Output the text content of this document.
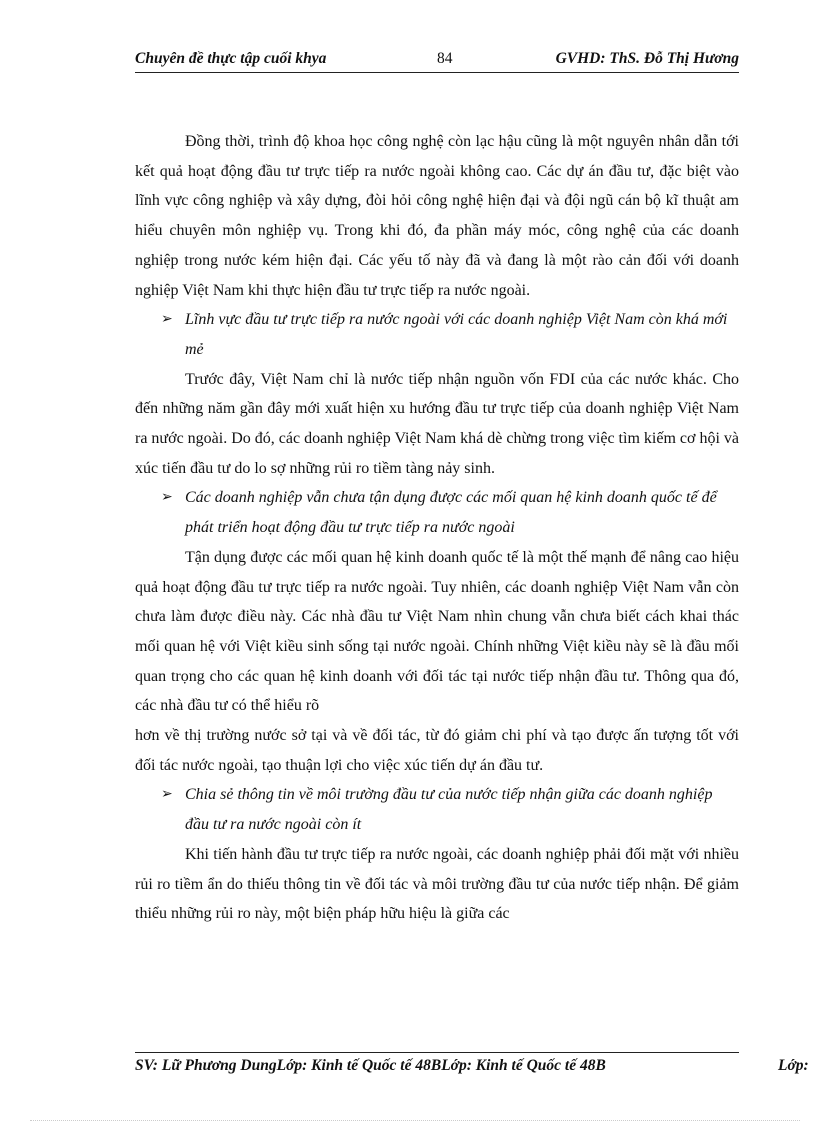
Chuyên đề thực tập cuối khya	84	GVHD: ThS. Đỗ Thị Hương

Đồng thời, trình độ khoa học công nghệ còn lạc hậu cũng là một nguyên nhân dẫn tới kết quả hoạt động đầu tư trực tiếp ra nước ngoài không cao. Các dự án đầu tư, đặc biệt vào lĩnh vực công nghiệp và xây dựng, đòi hỏi công nghệ hiện đại và đội ngũ cán bộ kĩ thuật am hiểu chuyên môn nghiệp vụ. Trong khi đó, đa phần máy móc, công nghệ của các doanh nghiệp trong nước kém hiện đại. Các yếu tố này đã và đang là một rào cản đối với doanh nghiệp Việt Nam khi thực hiện đầu tư trực tiếp ra nước ngoài.

➢ Lĩnh vực đầu tư trực tiếp ra nước ngoài với các doanh nghiệp Việt Nam còn khá mới mẻ

Trước đây, Việt Nam chỉ là nước tiếp nhận nguồn vốn FDI của các nước khác. Cho đến những năm gần đây mới xuất hiện xu hướng đầu tư trực tiếp của doanh nghiệp Việt Nam ra nước ngoài. Do đó, các doanh nghiệp Việt Nam khá dè chừng trong việc tìm kiếm cơ hội và xúc tiến đầu tư do lo sợ những rủi ro tiềm tàng nảy sinh.

➢ Các doanh nghiệp vẫn chưa tận dụng được các mối quan hệ kinh doanh quốc tế để phát triển hoạt động đầu tư trực tiếp ra nước ngoài

Tận dụng được các mối quan hệ kinh doanh quốc tế là một thế mạnh để nâng cao hiệu quả hoạt động đầu tư trực tiếp ra nước ngoài. Tuy nhiên, các doanh nghiệp Việt Nam vẫn còn chưa làm được điều này. Các nhà đầu tư Việt Nam nhìn chung vẫn chưa biết cách khai thác mối quan hệ với Việt kiều sinh sống tại nước ngoài. Chính những Việt kiều này sẽ là đầu mối quan trọng cho các quan hệ kinh doanh với đối tác tại nước tiếp nhận đầu tư. Thông qua đó, các nhà đầu tư có thể hiểu rõ

hơn về thị trường nước sở tại và về đối tác, từ đó giảm chi phí và tạo được ấn tượng tốt với đối tác nước ngoài, tạo thuận lợi cho việc xúc tiến dự án đầu tư.

➢ Chia sẻ thông tin về môi trường đầu tư của nước tiếp nhận giữa các doanh nghiệp đầu tư ra nước ngoài còn ít

Khi tiến hành đầu tư trực tiếp ra nước ngoài, các doanh nghiệp phải đối mặt với nhiều rủi ro tiềm ẩn do thiếu thông tin về đối tác và môi trường đầu tư của nước tiếp nhận. Để giảm thiểu những rủi ro này, một biện pháp hữu hiệu là giữa các

SV: Lữ Phương DungLớp: Kinh tế Quốc tế 48BLớp: Kinh tế Quốc tế 48B	Lớp:
